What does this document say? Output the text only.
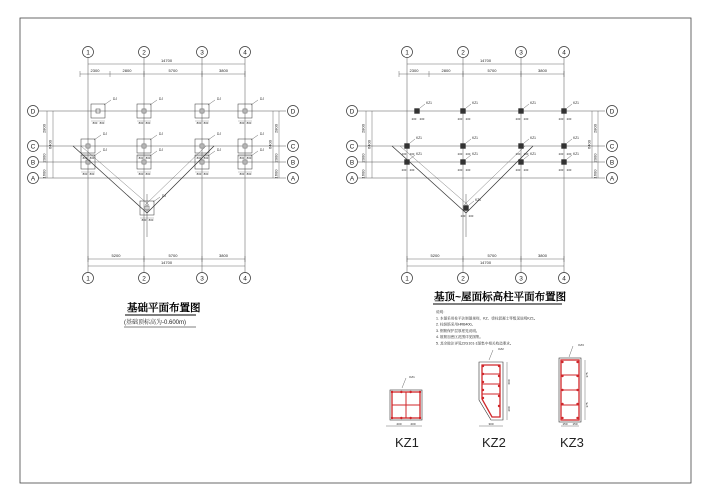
1
1
2
2
3
3
4
4
D	D
C	C
B	B
A	A
14700
2300	2800	5700	3800
5200	5700	3800
14700
2800
2000
1600
6400
2800
2000
1600
6400
DJ
800 800
DJ
800 800
DJ
800 800
DJ
800 800
DJ
800 800
DJ
800 800
DJ
800 800
DJ
800 800
DJ
800 800
DJ
800 800
DJ
800 800
DJ
800 800
DJ
800 800
1
1
2
2
3
3
4
4
D	D
C	C
B	B
A	A
14700
2300	2800	5700	3800
5200	5700	3800
14700
2800
2000
1600
6400
2800
2000
1600
6400
KZ1
200 200
KZ1
200 200
KZ1
200 200
KZ1
200 200
KZ1
200 200
KZ1
200 200
KZ1
200 200
KZ1
200 200
KZ1
200 200
KZ1
200 200
KZ1
200 200
KZ1
200 200
KZ1
200 200
基础平面布置图
(基础顶标高为-0.600m)
基顶~屋面标高柱平面布置图
说明：
1. 本图采用柱平法制图规则，KZ、梁柱混凝土等级见说明KZ1。
2. 柱纵筋采用HRB400。
3. 钢筋保护层厚度见说明。
4. 箍筋加密区范围详见图集。
5. 其余做法详见22G101-1图集中相关构造要求。
200	200
KZ1
KZ1
600
200
300
KZ2
KZ2
375
375
150 150
KZ3
KZ3
